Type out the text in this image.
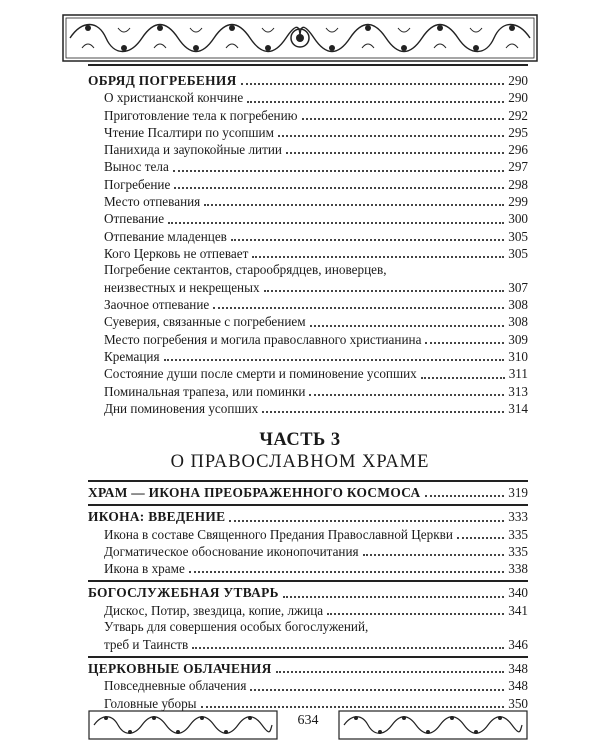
ОБРЯД ПОГРЕБЕНИЯ	290
О христианской кончине	290
Приготовление тела к погребению	292
Чтение Псалтири по усопшим	295
Панихида и заупокойные литии	296
Вынос тела	297
Погребение	298
Место отпевания	299
Отпевание	300
Отпевание младенцев	305
Кого Церковь не отпевает	305
Погребение сектантов, старообрядцев, иноверцев,
неизвестных и некрещеных	307
Заочное отпевание	308
Суеверия, связанные с погребением	308
Место погребения и могила православного христианина	309
Кремация	310
Состояние души после смерти и поминовение усопших	311
Поминальная трапеза, или поминки	313
Дни поминовения усопших	314
ЧАСТЬ 3
О ПРАВОСЛАВНОМ ХРАМЕ
ХРАМ — ИКОНА ПРЕОБРАЖЕННОГО КОСМОСА	319
ИКОНА: ВВЕДЕНИЕ	333
Икона в составе Священного Предания Православной Церкви	335
Догматическое обоснование иконопочитания	335
Икона в храме	338
БОГОСЛУЖЕБНАЯ УТВАРЬ	340
Дискос, Потир, звездица, копие, лжица	341
Утварь для совершения особых богослужений,
треб и Таинств	346
ЦЕРКОВНЫЕ ОБЛАЧЕНИЯ	348
Повседневные облачения	348
Головные уборы	350
634
